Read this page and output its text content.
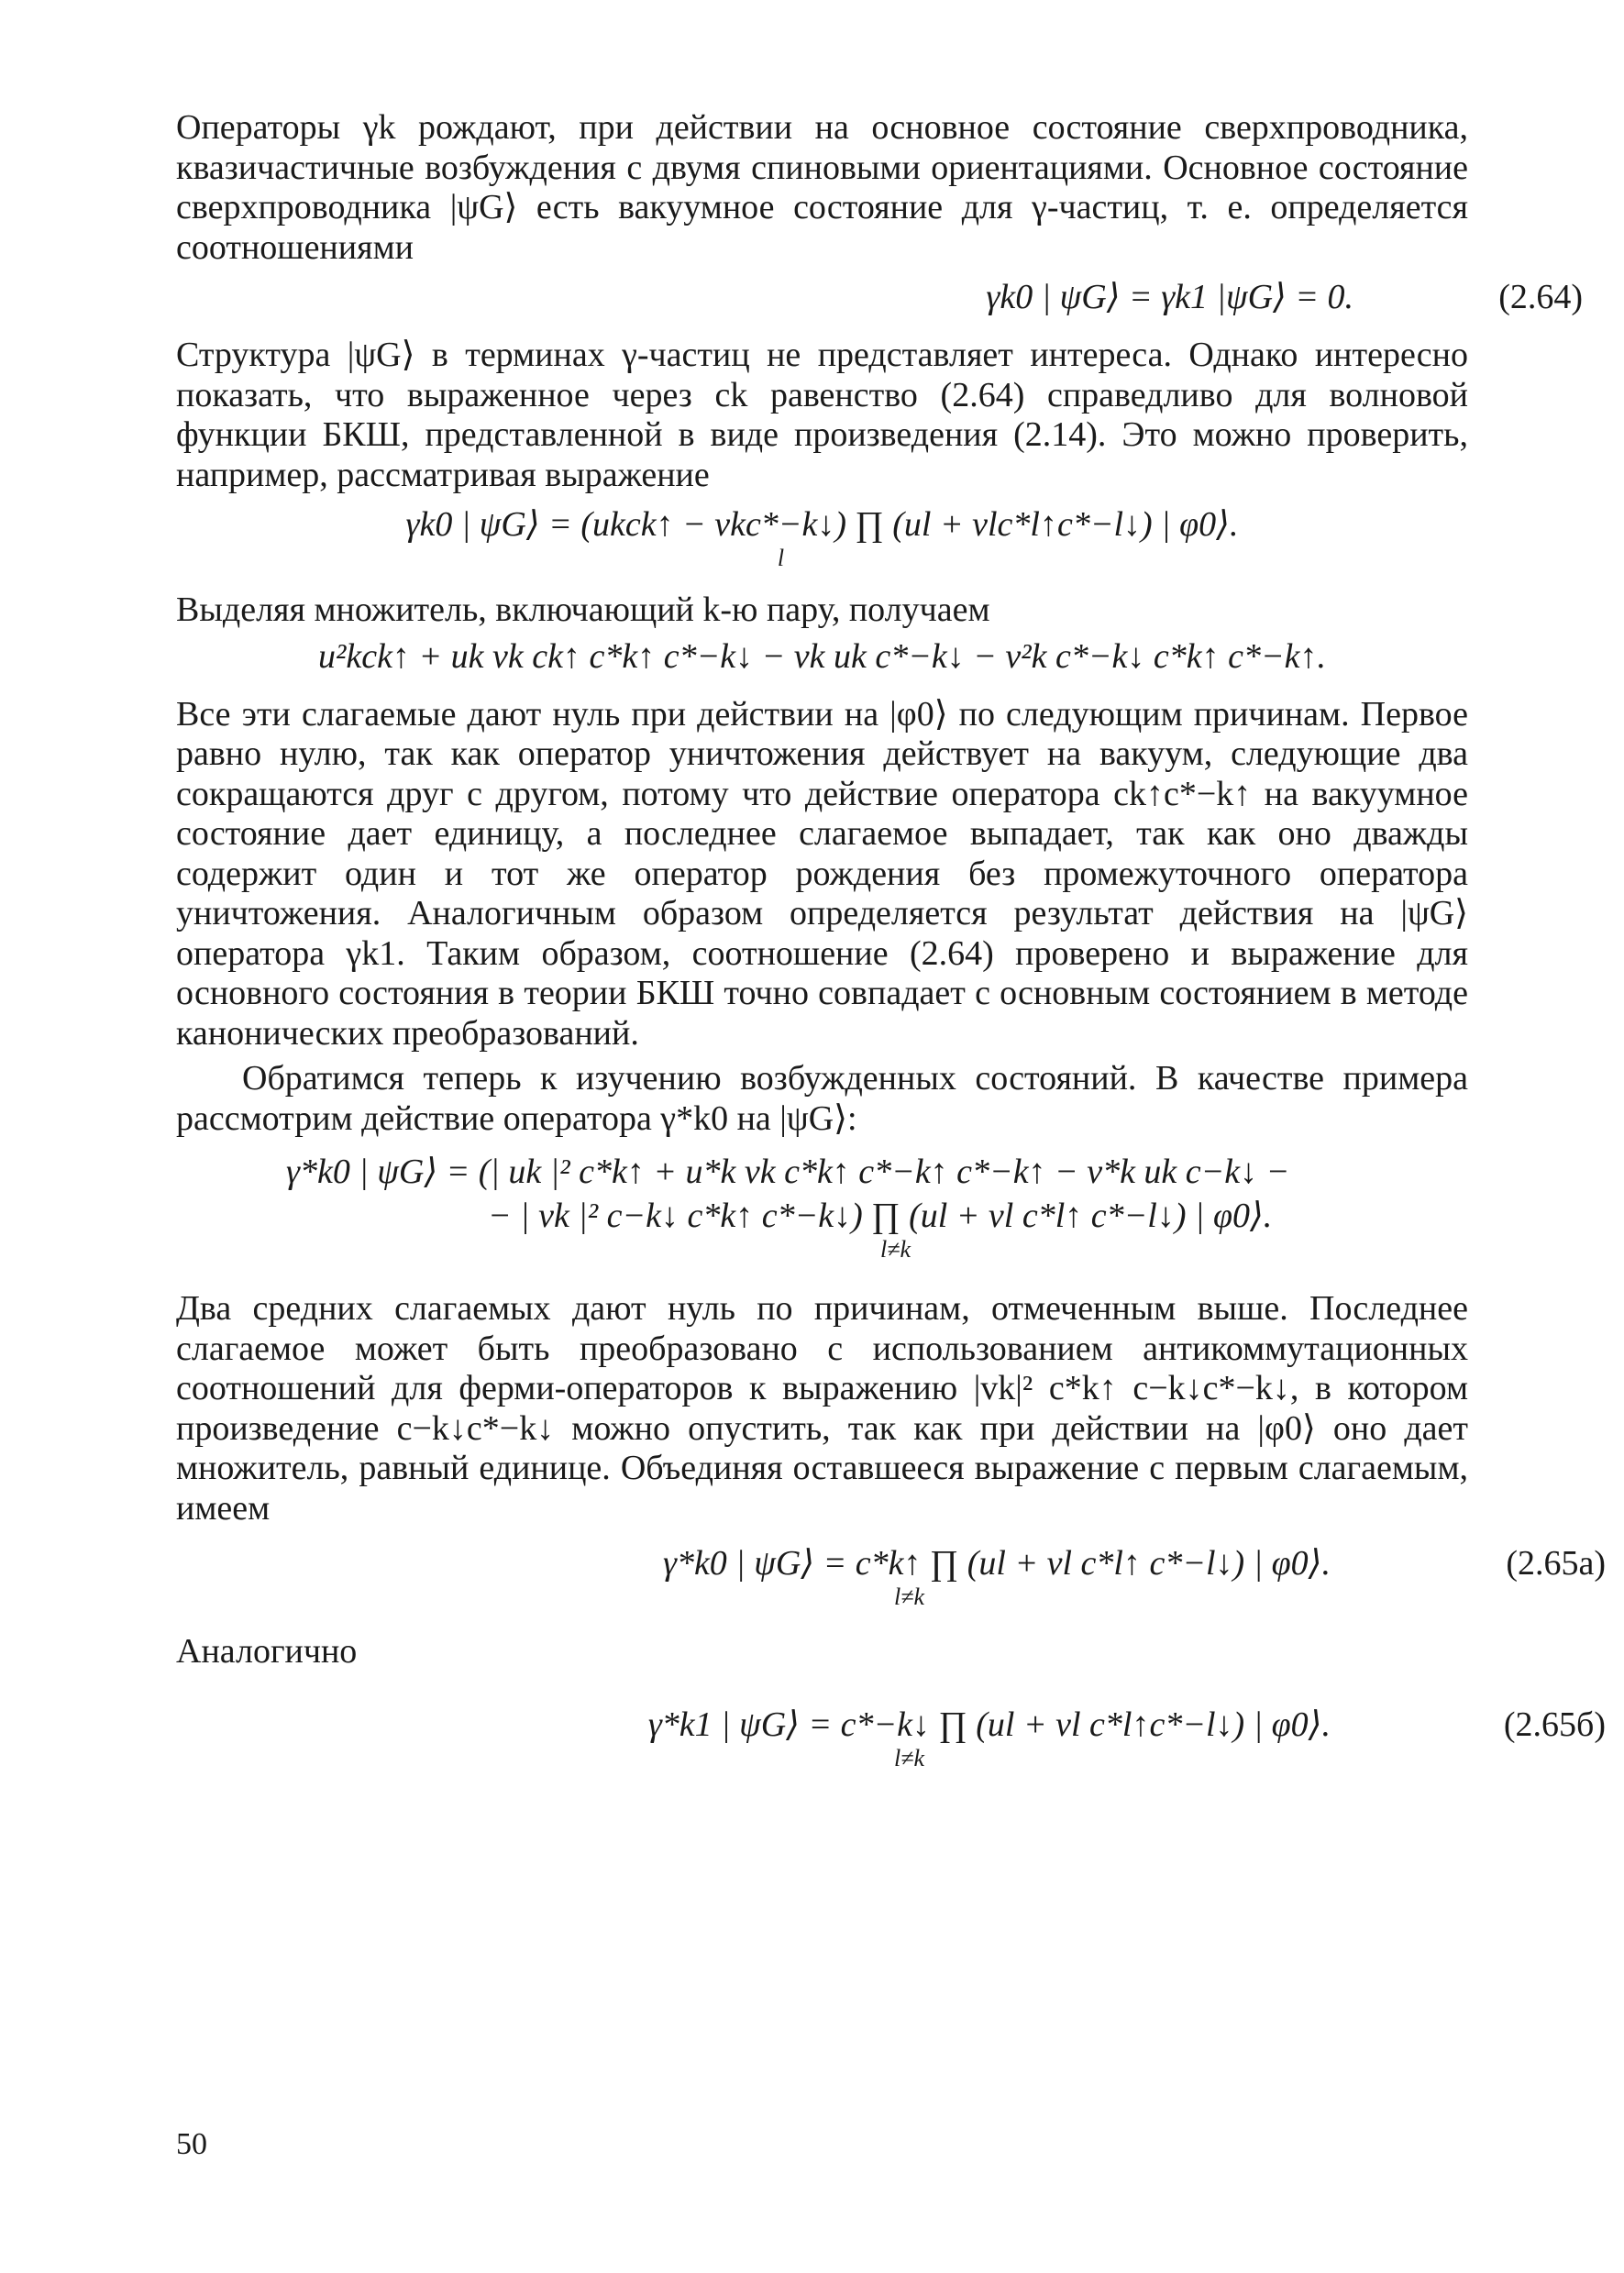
Операторы γk рождают, при действии на основное состояние сверхпроводника, квазичастичные возбуждения с двумя спиновыми ориентациями. Основное состояние сверхпроводника |ψG⟩ есть вакуумное состояние для γ-частиц, т. е. определяется соотношениями

γk0 | ψG⟩ = γk1 |ψG⟩ = 0.	(2.64)

Структура |ψG⟩ в терминах γ-частиц не представляет интереса. Однако интересно показать, что выраженное через ck равенство (2.64) справедливо для волновой функции БКШ, представленной в виде произведения (2.14). Это можно проверить, например, рассматривая выражение

γk0 | ψG⟩ = (ukck↑ − vkc*−k↓) ∏ (ul + vlc*l↑c*−l↓) | φ0⟩.
l

Выделяя множитель, включающий k-ю пару, получаем

u²kck↑ + uk vk ck↑ c*k↑ c*−k↓ − vk uk c*−k↓ − v²k c*−k↓ c*k↑ c*−k↑.

Все эти слагаемые дают нуль при действии на |φ0⟩ по следующим причинам. Первое равно нулю, так как оператор уничтожения действует на вакуум, следующие два сокращаются друг с другом, потому что действие оператора ck↑c*−k↑ на вакуумное состояние дает единицу, а последнее слагаемое выпадает, так как оно дважды содержит один и тот же оператор рождения без промежуточного оператора уничтожения. Аналогичным образом определяется результат действия на |ψG⟩ оператора γk1. Таким образом, соотношение (2.64) проверено и выражение для основного состояния в теории БКШ точно совпадает с основным состоянием в методе канонических преобразований.

Обратимся теперь к изучению возбужденных состояний. В качестве примера рассмотрим действие оператора γ*k0 на |ψG⟩:

γ*k0 | ψG⟩ = (| uk |² c*k↑ + u*k vk c*k↑ c*−k↑ c*−k↑ − v*k uk c−k↓ −
− | vk |² c−k↓ c*k↑ c*−k↓) ∏ (ul + vl c*l↑ c*−l↓) | φ0⟩.
l≠k

Два средних слагаемых дают нуль по причинам, отмеченным выше. Последнее слагаемое может быть преобразовано с использованием антикоммутационных соотношений для ферми-операторов к выражению |vk|² c*k↑ c−k↓c*−k↓, в котором произведение c−k↓c*−k↓ можно опустить, так как при действии на |φ0⟩ оно дает множитель, равный единице. Объединяя оставшееся выражение с первым слагаемым, имеем

γ*k0 | ψG⟩ = c*k↑ ∏ (ul + vl c*l↑ c*−l↓) | φ0⟩.	(2.65a)
l≠k
Аналогично
γ*k1 | ψG⟩ = c*−k↓ ∏ (ul + vl c*l↑c*−l↓) | φ0⟩.	(2.65б)
l≠k
50
